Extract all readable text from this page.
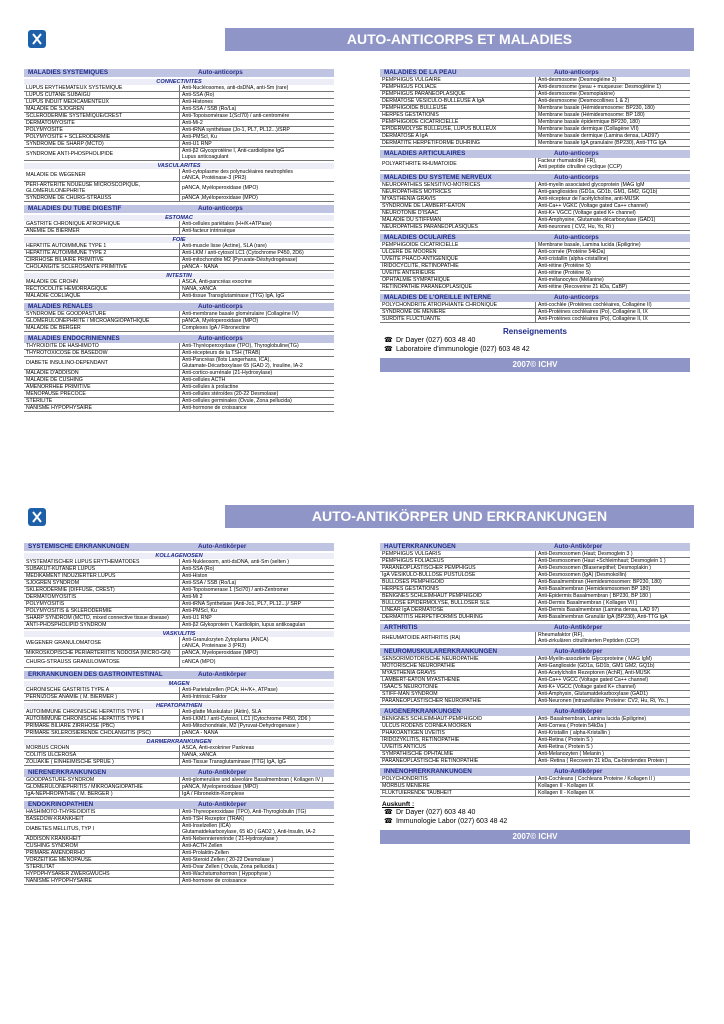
AUTO-ANTICORPS ET MALADIES
MALADIES SYSTEMIQUES	Auto-anticorps
CONNECTIVITES
LUPUS ERYTHEMATEUX SYSTEMIQUE	Anti-Nucléosomes, anti-dsDNA, anti-Sm (rare)
LUPUS CUTANE SUBAIGU	Anti-SSA (Ro)
LUPUS INDUIT MEDICAMENTEUX	Anti-Histones
MALADIE DE SJOGREN	Anti-SSA / SSB (Ro/La)
SCLERODERMIE SYSTEMIQUE/CREST	Anti-Topoisomérase 1(Scl70) / anti-centromère
DERMATOMYOSITE	Anti-Mi-2
POLYMYOSITE	Anti-tRNA synthétase (Jo-1, PL7, PL12...)/SRP
POLYMYOSITE + SCLERODERMIE	Anti-PMScl, Ku
SYNDROME DE SHARP (MCTD)	Anti-U1 RNP
SYNDROME ANTI-PHOSPHOLIPIDE	Anti-β2 Glycoprotéine I, Anti-cardiolipine IgG
Lupus anticoagulant
VASCULARITES
MALADIE DE WEGENER	Anti-cytoplasme des polynucléaires neutrophiles
cANCA, Protéinase-3 (PR3)
PERI-ARTERITE NOUEUSE MICROSCOPIQUE,
GLOMERULONEPHRITE	pANCA, Myéloperoxidase (MPO)
SYNDROME DE CHURG-STRAUSS	pANCA ,Myéloperoxidase (MPO)
MALADIES DU TUBE DIGESTIF	Auto-anticorps
ESTOMAC
GASTRITE CHRONIQUE ATROPHIQUE	Anti-cellules pariétales (H+/K+ATPase)
ANEMIE DE BIERMER	Anti-facteur intrinsèque
FOIE
HEPATITE AUTOIMMUNE TYPE 1	Anti-muscle lisse (Actine), SLA (rare)
HEPATITE AUTOIMMUNE TYPE 2	Anti-LKM / anti-cytosol LC1 (Cytochrome P450, 2D6)
CIRRHOSE BILIAIRE PRIMITIVE	Anti-mitochondrie M2 (Pyruvate-Déshydrogénase)
CHOLANGITE SCLEROSANTE PRIMITIVE	pANCA - NANA
INTESTIN
MALADIE DE CROHN	ASCA, Anti-pancréas exocrine
RECTOCOLITE HEMORRAGIQUE	NANA, xANCA
MALADIE COELIAQUE	Anti-tissue Transglutaminase (TTG) IgA, IgG
MALADIES RENALES	Auto-anticorps
SYNDROME DE GOODPASTURE	Anti-membrane basale glomérulaire (Collagène IV)
GLOMERULONEPHRITE / MICROANGIOPATHIQUE	pANCA, Myéloperoxidase (MPO)
MALADIE DE BERGER	Complexes IgA / Fibronectine
MALADIES ENDOCRINIENNES	Auto-anticorps
THYROIDITE DE HASHIMOTO	Anti-Thyréoperoxydase (TPO), Thyroglobuline(TG)
THYROTOXICOSE DE BASEDOW	Anti-récepteurs de la TSH (TRAB)
DIABETE INSULINO-DEPENDANT	Anti-Pancréas (îlots Langerhans, ICA),
Glutamate-Décarboxylase 65 (GAD 2), Insuline, IA-2
MALADIE D'ADDISON	Anti-cortico-surrénale (21-Hydroxylase)
MALADIE DE CUSHING	Anti-cellules ACTH
AMENORRHEE PRIMITIVE	Anti-cellules à prolactine
MENOPAUSE PRECOCE	Anti-cellules stéroïdes (20-22 Desmolase)
STERILITE	Anti-cellules germinales (Ovule, Zona pellucida)
NANISME HYPOPHYSAIRE	Anti-hormone de croissance
MALADIES DE LA PEAU	Auto-anticorps
PEMPHIGUS VULGAIRE	Anti-desmosome (Desmogléine 3)
PEMPHIGUS FOLIACE	Anti-desmosome (peau + muqueuse: Desmogléine 1)
PEMPHIGUS PARANEOPLASIQUE	Anti-desmosome (Desmoplakine)
DERMATOSE VESICULO-BULLEUSE A IgA	Anti-desmosome (Desmocollines 1 & 2)
PEMPHIGOIDE BULLEUSE	Membrane basale (Hémidesmosome: BP230, 180)
HERPES GESTATIONIS	Membrane basale (Hémidesmosome: BP 180)
PEMPHIGOIDE CICATRICIELLE	Membrane basale épidermique BP230, 180)
EPIDERMOLYSE BULLEUSE, LUPUS BULLEUX	Membrane basale dermique (Collagène VII)
DERMATOSE A IgA	Membrane basale dermique (Lamina densa, LAD97)
DERMATITE HERPETIFORME DUHRING	Membrane basale IgA granulaire (BP230), Anti-TTG IgA
MALADIES ARTICULAIRES	Auto-anticorps
POLYARTHRITE RHUMATOIDE	Facteur rhumatoïde (FR),
Anti peptide citrulliné cyclique (CCP)
MALADIES DU SYSTEME NERVEUX	Auto-anticorps
NEUROPATHIES SENSITIVO-MOTRICES	Anti-myelin associated glycoprotein (MAG IgM
NEUROPATHIES MOTRICES	Anti-gangliosides (GD1a, GD1b, GM1, GM2, GQ1b)
MYASTHENIA GRAVIS	Anti-récepteur de l'acétylcholine, anti-MUSK
SYNDROME DE LAMBERT-EATON	Anti-Ca++ VGKC (Voltage gated Ca++ channel)
NEUROTONIE D'ISAAC	Anti-K+ VGCC (Voltage gated K+ channel)
MALADIE DU STIFFMAN	Anti-Amphysine, Glutamate-décarboxylase (GAD1)
NEUROPATHIES PARANEOPLASIQUES	Anti-neurones ( CV2, Hu, Yo, Ri )
MALADIES OCULAIRES	Auto-anticorps
PEMPHIGOIDE CICATRICIELLE	Membrane basale, Lamina lucida (Epiligrine)
ULCERE DE MOOREN	Anti-cornée (Protéine 54kDa)
UVEITE PHACO-ANTIGENIQUE	Anti-cristallin (alpha-cristalline)
IRIDOCYCLITE, RETINOPATHIE	Anti-rétine (Protéine S)
UVEITE ANTERIEURE	Anti-rétine (Protéine S)
OPHTALMIE SYMPATHIQUE	Anti-mélanocytes (Mélanine)
RETINOPATHIE PARANEOPLASIQUE	Anti-rétine (Recoverine 21 kDa, CaBP)
MALADIES DE L'OREILLE INTERNE	Auto-anticorps
POLYCHONDRITE ATROPHIANTE CHRONIQUE	Anti-cochlée (Protéines cochléaires, Collagène II)
SYNDROME DE MENIERE	Anti-Protéines cochléaires (Po), Collagène II, IX
SURDITE FLUCTUANTE	Anti-Protéines cochléaires (Po), Collagène II, IX
Renseignements
☎ Dr Dayer (027) 603 48 40
☎ Laboratoire d'immunologie (027) 603 48 42
2007© ICHV
AUTO-ANTIKÖRPER UND ERKRANKUNGEN
SYSTEMISCHE ERKRANKUNGEN	Auto-Antikörper
KOLLAGENOSEN
SYSTEMATISCHER LUPUS ERYTHEMATODES	Anti-Nukleosom, anti-dsDNA, anti-Sm (selten )
SUBAKUT-KUTANER LUPUS	Anti-SSA (Ro)
MEDIKAMENT INDUZIERTER LUPUS	Anti-Histon
SJOGREN SYNDROM	Anti-SSA / SSB (Ro/La)
SKLERODERMIE (DIFFUSE, CREST)	Anti-Topoisomerase 1 (Scl70) / anti-Zentromer
DERMATOMYOSITIS	Anti-Mi 2
POLYMYOSITIS	Anti-tRNA Synthetase (Anti-Jo1, PL7, PL12...)/ SRP
POLYMYOSITIS & SKLERODERMIE	Anti-PMScl, Ku
SHARP SYNDROM (MCTD, mixed connective tissue disease)	Anti-U1 RNP
ANTI-PHOSPHOLIPID SYNDROM	Anti-β2 Glykoprotein I, Kardiolipin, lupus antikoagulan
VASKULITIS
WEGENER GRANULOMATOSE	Anti-Granulozyten Zytoplama (ANCA)
cANCA, Proteinase 3 (PR3)
MIKROSKOPISCHE PERIARTERIITIS NODOSA (MICRO-GN)	pANCA, Myeloperoxidase (MPO)
CHURG-STRAUSS GRANULOMATOSE	cANCA (MPO)
ERKRANKUNGEN DES GASTROINTESTINAL	Auto-Antikörper
MAGEN
CHRONISCHE GASTRITIS TYPE A	Anti-Parietalzellen (PCA; H+/K+, ATPase)
PERNIZIÖSE ANÄMIE ( M. BIERMER )	Anti-Intrinsic Faktor
HEPATOPATHIEN
AUTOIMMUNE CHRONISCHE HEPATITIS TYPE I	Anti-glatte Muskulatur (Aktin), SLA
AUTOIMMUNE CHRONISCHE HEPATITIS TYPE II	Anti-LKM1 / anti-Cytosol, LC1 (Cytochrome P450, 2D6 )
PRIMARE BILIARE ZIRRHOSE (PBC)	Anti-Mitochondriale, M2 (Pyruvat-Dehydrogenase )
PRIMARE SKLEROSIERENDE CHOLANGITIS (PSC)	pANCA - NANA
DARMERKRANKUNGEN
MORBUS CROHN	ASCA, Anti-exokriner Pankreas
COLITIS ULCEROSA	NANA, xANCA
ZÖLIAKIE ( EINHEIMISCHE SPRUE )	Anti-Tissue Transglutaminase (TTG) IgA, IgG
NIERENERKRANKUNGEN	Auto-Antikörper
GOODPASTURE-SYNDROM	Anti-glomeruläre und alveoläre Basalmembran ( Kollagen IV )
GLOMERULONEPHRITIS / MIKROANGIOPATHIE	pANCA, Myeloperoxidase (MPO)
IgA-NEPHROPATHIE ( M. BERGER )	IgA / Fibronektin-Komplexe
ENDOKRINOPATHIEN	Auto-Antikörper
HASHIMOTO-THYREOIDITIS	Anti-Thyreoperoxidase (TPO), Anti-Thyroglobulin (TG)
BASEDOW-KRANKHEIT	Anti-TSH Rezeptor (TRAK)
DIABETES MELLITUS, TYP I	Anti-Inselzellen (ICA)
Glutamatdekarboxylase, 65 kD ( GAD2 ), Anti-Insulin, IA-2
ADDISON KRANKHEIT	Anti-Nebennierenrinde ( 21-Hydroxylase )
CUSHING SYNDROM	Anti-ACTH Zellen
PRIMARE AMENORRHO	Anti-Prolaktin-Zellen
VORZEITIGE MENOPAUSE	Anti-Steroid Zellen ( 20-22 Desmolase )
STERILITAT	Anti-Ovar Zellen ( Ovula, Zona pellucida )
HYPOPHYSARER ZWERGWUCHS	Anti-Wachstumshormon ( Hypophyse )
NANISME HYPOPHYSAIRE	Anti-hormone de croissance
HAUTERKRANKUNGEN	Auto-Antikörper
PEMPHIGUS VULGARIS	Anti-Desmosomen (Haut; Desmoglein 3 )
PEMPHIGUS FOLIACEUS	Anti-Desmosomen (Haut +Schleimhaut; Desmoglein 1 )
PARANEOPLASTISCHER PEMPHIGUS	Anti-Desmosomen (Blasenepithel; Desmoplakin )
IgA VESIKULO-BULLOSE PUSTULOSE	Anti-Desmosomen (IgA) (Desmokollin)
BULLOSES PEMPHIGOID	Anti-Basalmembran (Hemidesmosomen: BP230, 180)
HERPES GESTATIONIS	Anti-Basalmembran (Hemidesmosomen BP 180)
BENIGNES SCHLEIMHAUT PEMPHIGOID	Anti-Epidermis Basalmembran ( BP230, BP 180 )
BULLOSE EPIDERMOLYSE, BULLOSER SLE	Anti-Dermis Basalmembran ( Kollagen VII )
LINEAR IgA DERMATOSE	Anti-Dermis Basalmembran (Lamina densa, LAD 97)
DERMATITIS HERPETIFORMIS DUHRING	Anti-Basalmembran Granulär IgA (BP230), Anti-TTG IgA
ARTHRITIS	Auto-Antikörper
RHEUMATOIDE ARTHRITIS (RA)	Rheumafaktor (RF),
Anti-zirkulären citrullinierten Peptiden (CCP)
NEUROMUSKULARERKRANKUNGEN	Auto-Antikörper
SENSORIMOTORISCHE NEUROPATHIE	Anti-Myelin-assoziierte Glycoproteine ( MAG IgM)
MOTORISCHE NEUROPATHIE	Anti-Ganglioside (GD1a, GD1b, GM1 GM2, GQ1b)
MYASTHENIA GRAVIS	Anti-Acetylcholin Rezeptoren (AchR), Anti-MUSK
LAMBERT-EATON MYASTHENIE	Anti-Ca++ VGCC (Voltage gated Ca++ channel)
ISAAC'S NEUROTONIE	Anti-K+ VGCC (Voltage gated K+ channel)
STIFF-MAN SYNDROM	Anti-Amphysin, Glutamatdekarboxylase (GAD1)
PARANEOPLASTISCHER NEUROPATHIE	Anti-Neuronen (intrazelluläre Proteine: CV2, Hu, Ri, Yo..)
AUGENERKRANKUNGEN	Auto-Antikörper
BENIGNES SCHLEIMHAUT-PEMPHIGOID	Anti- Basalmembran, Lamina lucida (Epiligrine)
ULCUS RODENS CORNEA MOOREN	Anti-Cornea ( Protein 54kDa )
PHAKOANTIGEN UVEITIS	Anti-Kristallin ( alpha-Kristallin )
IRIDOZYKLITIS, RETINOPATHIE	Anti-Retina ( Protein S )
UVEITIS ANTICUS	Anti-Retina ( Protein S )
SYMPATHISCHE OPHTALMIE	Anti-Melanozyten ( Melanin )
PARANEOPLASTISCHE RETINOPATHIE	Anti- Retina ( Recoverin 21 kDa, Ca-bindendes Protein )
INNENOHRERKRANKUNGEN	Auto-Antikörper
POLYCHONDRITIS	Anti-Cochleans ( Cochleans Proteine / Kollagen II )
MORBUS MENIERE	Kollagen II - Kollagen IX
FLUKTUIERENDE TAUBHEIT	Kollagen II - Kollagen IX
Auskunft :
☎ Dr Dayer (027) 603 48 40
☎ Immunologie Labor (027) 603 48 42
2007© ICHV
